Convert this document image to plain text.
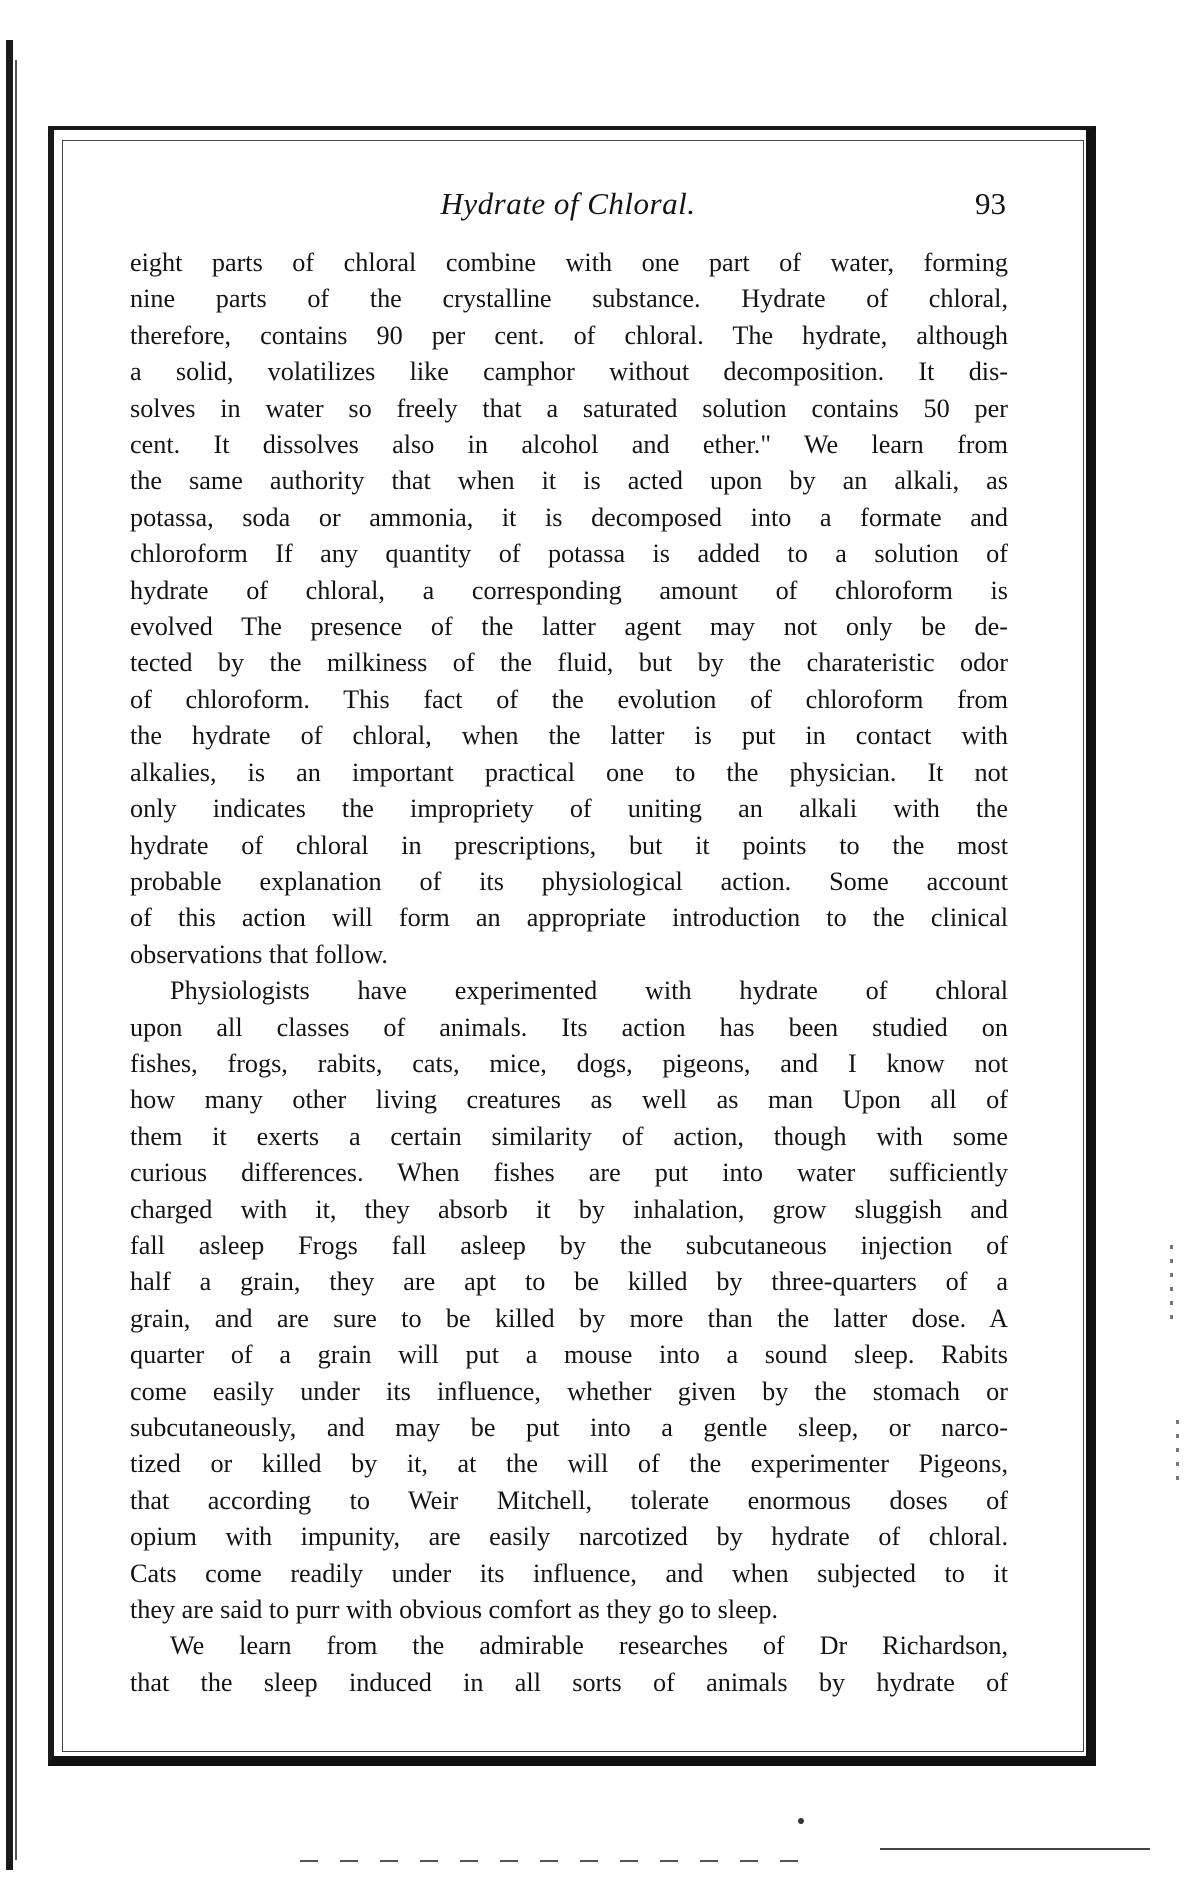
Hydrate of Chloral.	93

eight parts of chloral combine with one part of water, forming
nine parts of the crystalline substance. Hydrate of chloral,
therefore, contains 90 per cent. of chloral. The hydrate, although
a solid, volatilizes like camphor without decomposition. It dis-
solves in water so freely that a saturated solution contains 50 per
cent. It dissolves also in alcohol and ether." We learn from
the same authority that when it is acted upon by an alkali, as
potassa, soda or ammonia, it is decomposed into a formate and
chloroform If any quantity of potassa is added to a solution of
hydrate of chloral, a corresponding amount of chloroform is
evolved The presence of the latter agent may not only be de-
tected by the milkiness of the fluid, but by the charateristic odor
of chloroform. This fact of the evolution of chloroform from
the hydrate of chloral, when the latter is put in contact with
alkalies, is an important practical one to the physician. It not
only indicates the impropriety of uniting an alkali with the
hydrate of chloral in prescriptions, but it points to the most
probable explanation of its physiological action. Some account
of this action will form an appropriate introduction to the clinical
observations that follow.

Physiologists have experimented with hydrate of chloral
upon all classes of animals. Its action has been studied on
fishes, frogs, rabits, cats, mice, dogs, pigeons, and I know not
how many other living creatures as well as man Upon all of
them it exerts a certain similarity of action, though with some
curious differences. When fishes are put into water sufficiently
charged with it, they absorb it by inhalation, grow sluggish and
fall asleep Frogs fall asleep by the subcutaneous injection of
half a grain, they are apt to be killed by three-quarters of a
grain, and are sure to be killed by more than the latter dose. A
quarter of a grain will put a mouse into a sound sleep. Rabits
come easily under its influence, whether given by the stomach or
subcutaneously, and may be put into a gentle sleep, or narco-
tized or killed by it, at the will of the experimenter Pigeons,
that according to Weir Mitchell, tolerate enormous doses of
opium with impunity, are easily narcotized by hydrate of chloral.
Cats come readily under its influence, and when subjected to it
they are said to purr with obvious comfort as they go to sleep.

We learn from the admirable researches of Dr Richardson,
that the sleep induced in all sorts of animals by hydrate of
